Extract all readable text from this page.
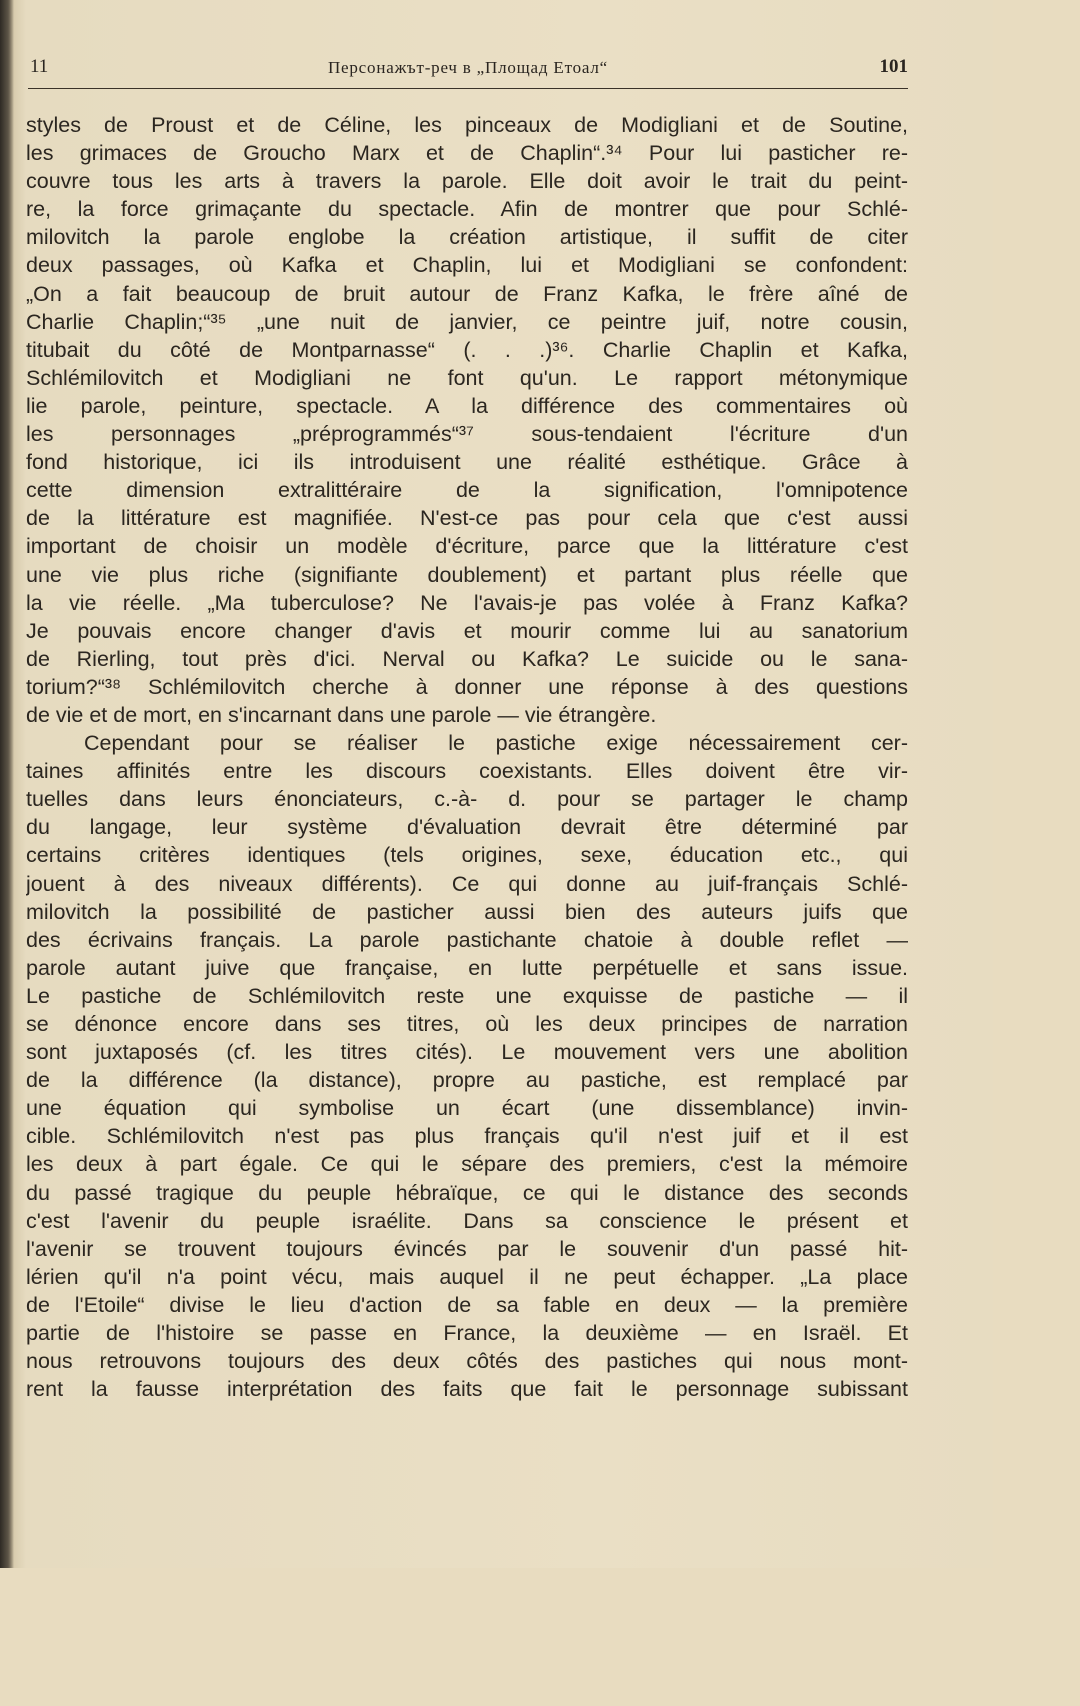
11	Персонажът-реч в „Площад Етоал“	101
styles de Proust et de Céline, les pinceaux de Modigliani et de Soutine,
les grimaces de Groucho Marx et de Chaplin“.³⁴ Pour lui pasticher re-
couvre tous les arts à travers la parole. Elle doit avoir le trait du peint-
re, la force grimaçante du spectacle. Afin de montrer que pour Schlé-
milovitch la parole englobe la création artistique, il suffit de citer
deux passages, où Kafka et Chaplin, lui et Modigliani se confondent:
„On a fait beaucoup de bruit autour de Franz Kafka, le frère aîné de
Charlie Chaplin;“³⁵ „une nuit de janvier, ce peintre juif, notre cousin,
titubait du côté de Montparnasse“ (. . .)³⁶. Charlie Chaplin et Kafka,
Schlémilovitch et Modigliani ne font qu'un. Le rapport métonymique
lie parole, peinture, spectacle. A la différence des commentaires où
les personnages „préprogrammés“³⁷ sous-tendaient l'écriture d'un
fond historique, ici ils introduisent une réalité esthétique. Grâce à
cette dimension extralittéraire de la signification, l'omnipotence
de la littérature est magnifiée. N'est-ce pas pour cela que c'est aussi
important de choisir un modèle d'écriture, parce que la littérature c'est
une vie plus riche (signifiante doublement) et partant plus réelle que
la vie réelle. „Ma tuberculose? Ne l'avais-je pas volée à Franz Kafka?
Je pouvais encore changer d'avis et mourir comme lui au sanatorium
de Rierling, tout près d'ici. Nerval ou Kafka? Le suicide ou le sana-
torium?“³⁸ Schlémilovitch cherche à donner une réponse à des questions
de vie et de mort, en s'incarnant dans une parole — vie étrangère.
Cependant pour se réaliser le pastiche exige nécessairement cer-
taines affinités entre les discours coexistants. Elles doivent être vir-
tuelles dans leurs énonciateurs, c.-à- d. pour se partager le champ
du langage, leur système d'évaluation devrait être déterminé par
certains critères identiques (tels origines, sexe, éducation etc., qui
jouent à des niveaux différents). Ce qui donne au juif-français Schlé-
milovitch la possibilité de pasticher aussi bien des auteurs juifs que
des écrivains français. La parole pastichante chatoie à double reflet —
parole autant juive que française, en lutte perpétuelle et sans issue.
Le pastiche de Schlémilovitch reste une exquisse de pastiche — il
se dénonce encore dans ses titres, où les deux principes de narration
sont juxtaposés (cf. les titres cités). Le mouvement vers une abolition
de la différence (la distance), propre au pastiche, est remplacé par
une équation qui symbolise un écart (une dissemblance) invin-
cible. Schlémilovitch n'est pas plus français qu'il n'est juif et il est
les deux à part égale. Ce qui le sépare des premiers, c'est la mémoire
du passé tragique du peuple hébraïque, ce qui le distance des seconds
c'est l'avenir du peuple israélite. Dans sa conscience le présent et
l'avenir se trouvent toujours évincés par le souvenir d'un passé hit-
lérien qu'il n'a point vécu, mais auquel il ne peut échapper. „La place
de l'Etoile“ divise le lieu d'action de sa fable en deux — la première
partie de l'histoire se passe en France, la deuxième — en Israël. Et
nous retrouvons toujours des deux côtés des pastiches qui nous mont-
rent la fausse interprétation des faits que fait le personnage subissant
